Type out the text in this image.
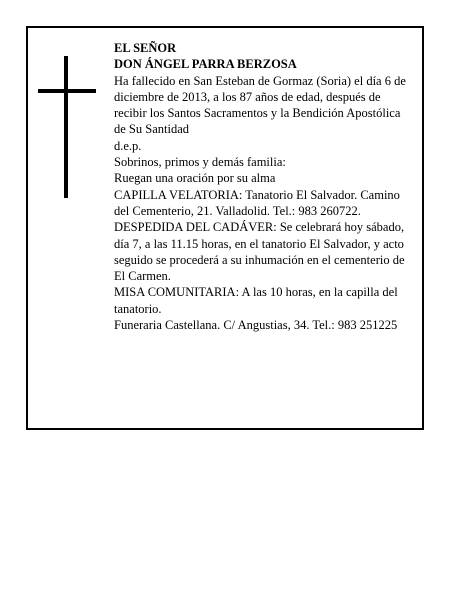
EL SEÑOR

DON ÁNGEL PARRA BERZOSA

Ha fallecido en San Esteban de Gormaz (Soria) el día 6 de diciembre de 2013, a los 87 años de edad, después de recibir los Santos Sacramentos y la Bendición Apostólica de Su Santidad

d.e.p.

Sobrinos, primos y demás familia:

Ruegan una oración por su alma

CAPILLA VELATORIA: Tanatorio El Salvador. Camino del Cementerio, 21. Valladolid. Tel.: 983 260722.

DESPEDIDA DEL CADÁVER: Se celebrará hoy sábado, día 7, a las 11.15 horas, en el tanatorio El Salvador, y acto seguido se procederá a su inhumación en el cementerio de El Carmen.

MISA COMUNITARIA: A las 10 horas, en la capilla del tanatorio.

Funeraria Castellana. C/ Angustias, 34. Tel.: 983 251225
